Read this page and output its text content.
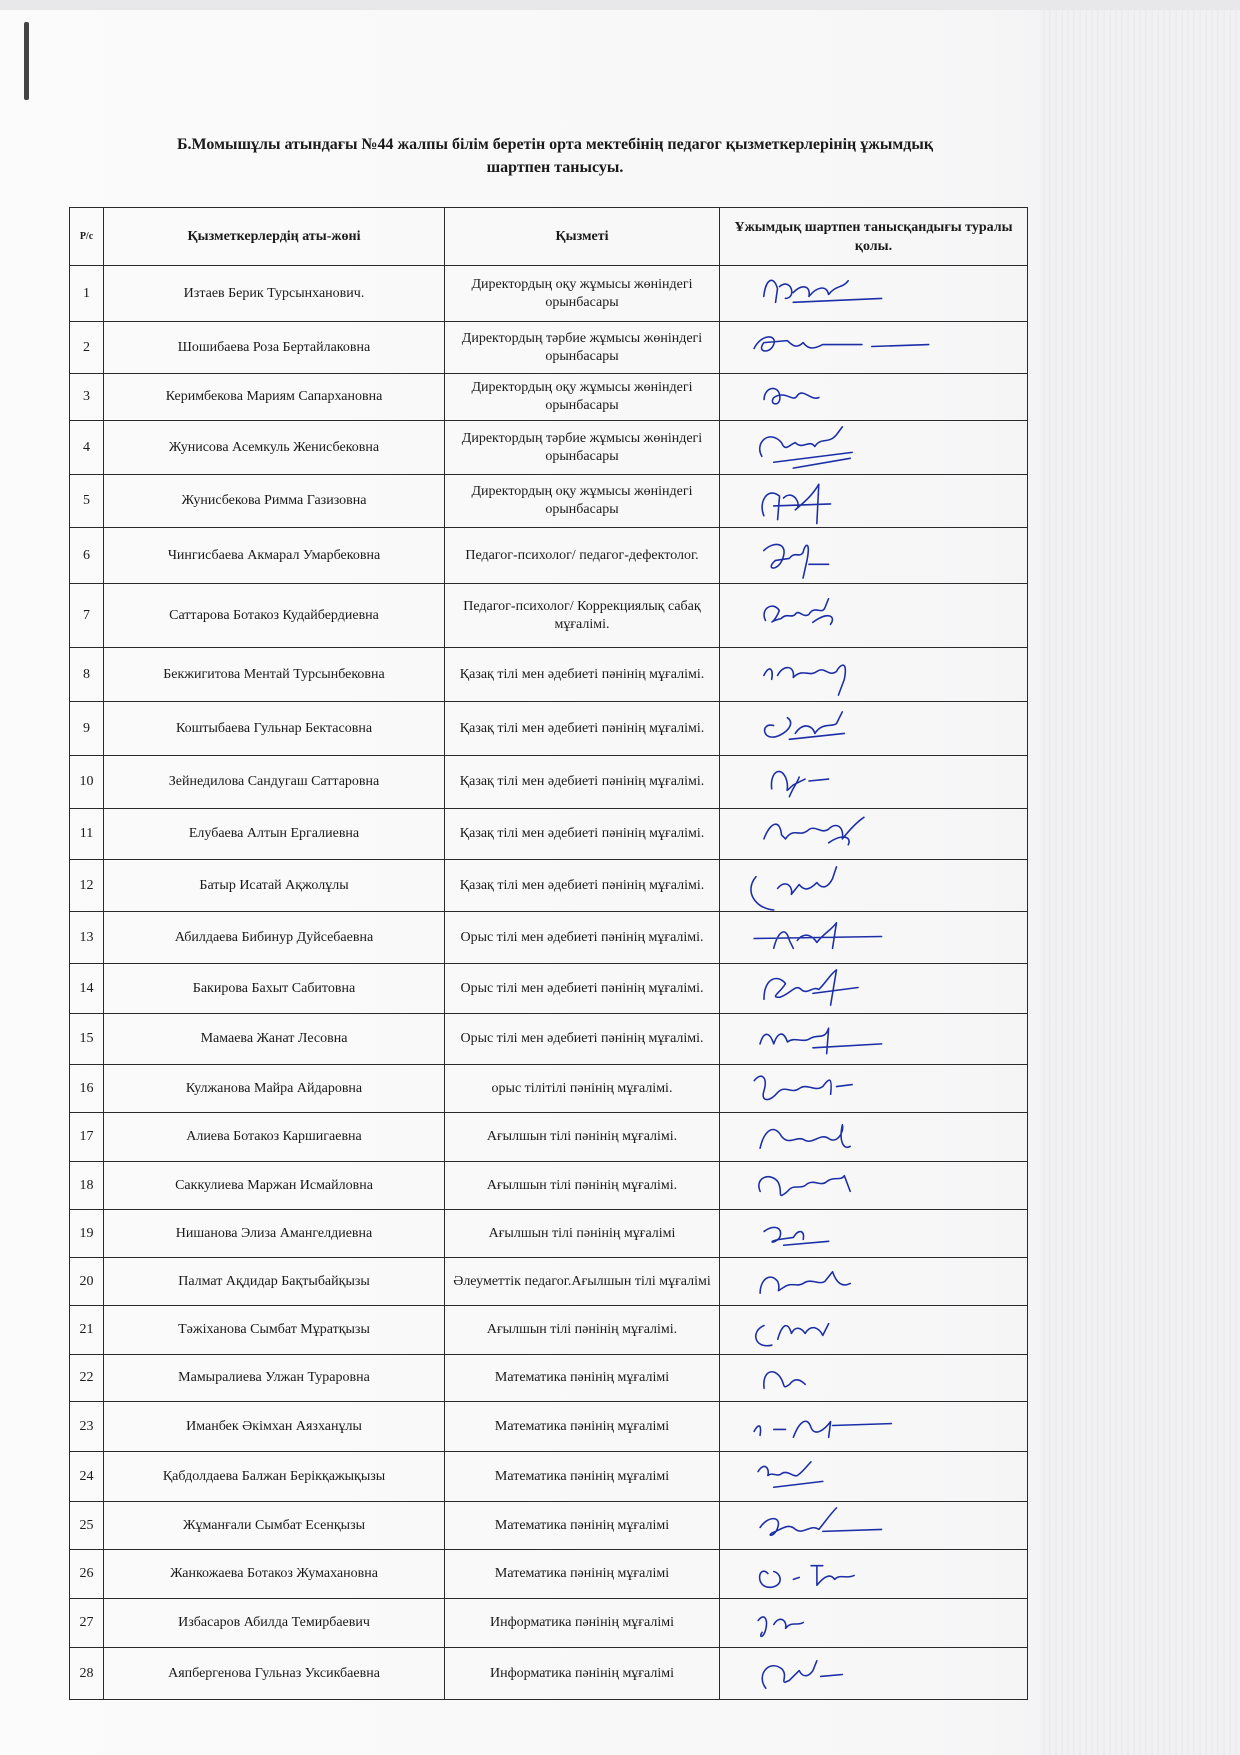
Б.Момышұлы атындағы №44 жалпы білім беретін орта мектебінің педагог қызметкерлерінің ұжымдық
шартпен танысуы.
Р/с	Қызметкерлердің аты-жөні	Қызметі	Ұжымдық шартпен танысқандығы туралы қолы.
1	Изтаев Берик Турсынханович.	Директордың оқу жұмысы жөніндегі орынбасары	

2	Шошибаева Роза Бертайлаковна	Директордың тәрбие жұмысы жөніндегі орынбасары	

3	Керимбекова Мариям Сапархановна	Директордың оқу жұмысы жөніндегі орынбасары	

4	Жунисова Асемкуль Женисбековна	Директордың тәрбие жұмысы жөніндегі орынбасары	

5	Жунисбекова Римма Газизовна	Директордың оқу жұмысы жөніндегі орынбасары	

6	Чингисбаева Акмарал Умарбековна	Педагог-психолог/ педагог-дефектолог.	

7	Саттарова Ботакоз Кудайбердиевна	Педагог-психолог/ Коррекциялық сабақ мұғалімі.	

8	Бекжигитова Ментай Турсынбековна	Қазақ тілі мен әдебиеті пәнінің мұғалімі.	

9	Коштыбаева Гульнар Бектасовна	Қазақ тілі мен әдебиеті пәнінің мұғалімі.	

10	Зейнедилова Сандугаш Саттаровна	Қазақ тілі мен әдебиеті пәнінің мұғалімі.	

11	Елубаева Алтын Ергалиевна	Қазақ тілі мен әдебиеті пәнінің мұғалімі.	

12	Батыр Исатай Ақжолұлы	Қазақ тілі мен әдебиеті пәнінің мұғалімі.	

13	Абилдаева Бибинур Дуйсебаевна	Орыс тілі мен әдебиеті пәнінің мұғалімі.	

14	Бакирова Бахыт Сабитовна	Орыс тілі мен әдебиеті пәнінің мұғалімі.	

15	Мамаева Жанат Лесовна	Орыс тілі мен әдебиеті пәнінің мұғалімі.	

16	Кулжанова Майра Айдаровна	орыс тілітілі пәнінің мұғалімі.	

17	Алиева Ботакоз Каршигаевна	Ағылшын тілі пәнінің мұғалімі.	

18	Саккулиева Маржан Исмайловна	Ағылшын тілі пәнінің мұғалімі.	

19	Нишанова Элиза Амангелдиевна	Ағылшын тілі пәнінің мұғалімі	

20	Палмат Ақдидар Бақтыбайқызы	Әлеуметтік педагог.Ағылшын тілі мұғалімі	

21	Тәжіханова Сымбат Мұратқызы	Ағылшын тілі пәнінің мұғалімі.	

22	Мамыралиева Улжан Тураровна	Математика пәнінің мұғалімі	

23	Иманбек Әкімхан Аязханұлы	Математика пәнінің мұғалімі	

24	Қабдолдаева Балжан Берікқажықызы	Математика пәнінің мұғалімі	

25	Жұманғали Сымбат Есенқызы	Математика пәнінің мұғалімі	

26	Жанкожаева Ботакоз Жумахановна	Математика пәнінің мұғалімі	

27	Избасаров Абилда Темирбаевич	Информатика пәнінің мұғалімі	

28	Аяпбергенова Гульназ Уксикбаевна	Информатика пәнінің мұғалімі	
